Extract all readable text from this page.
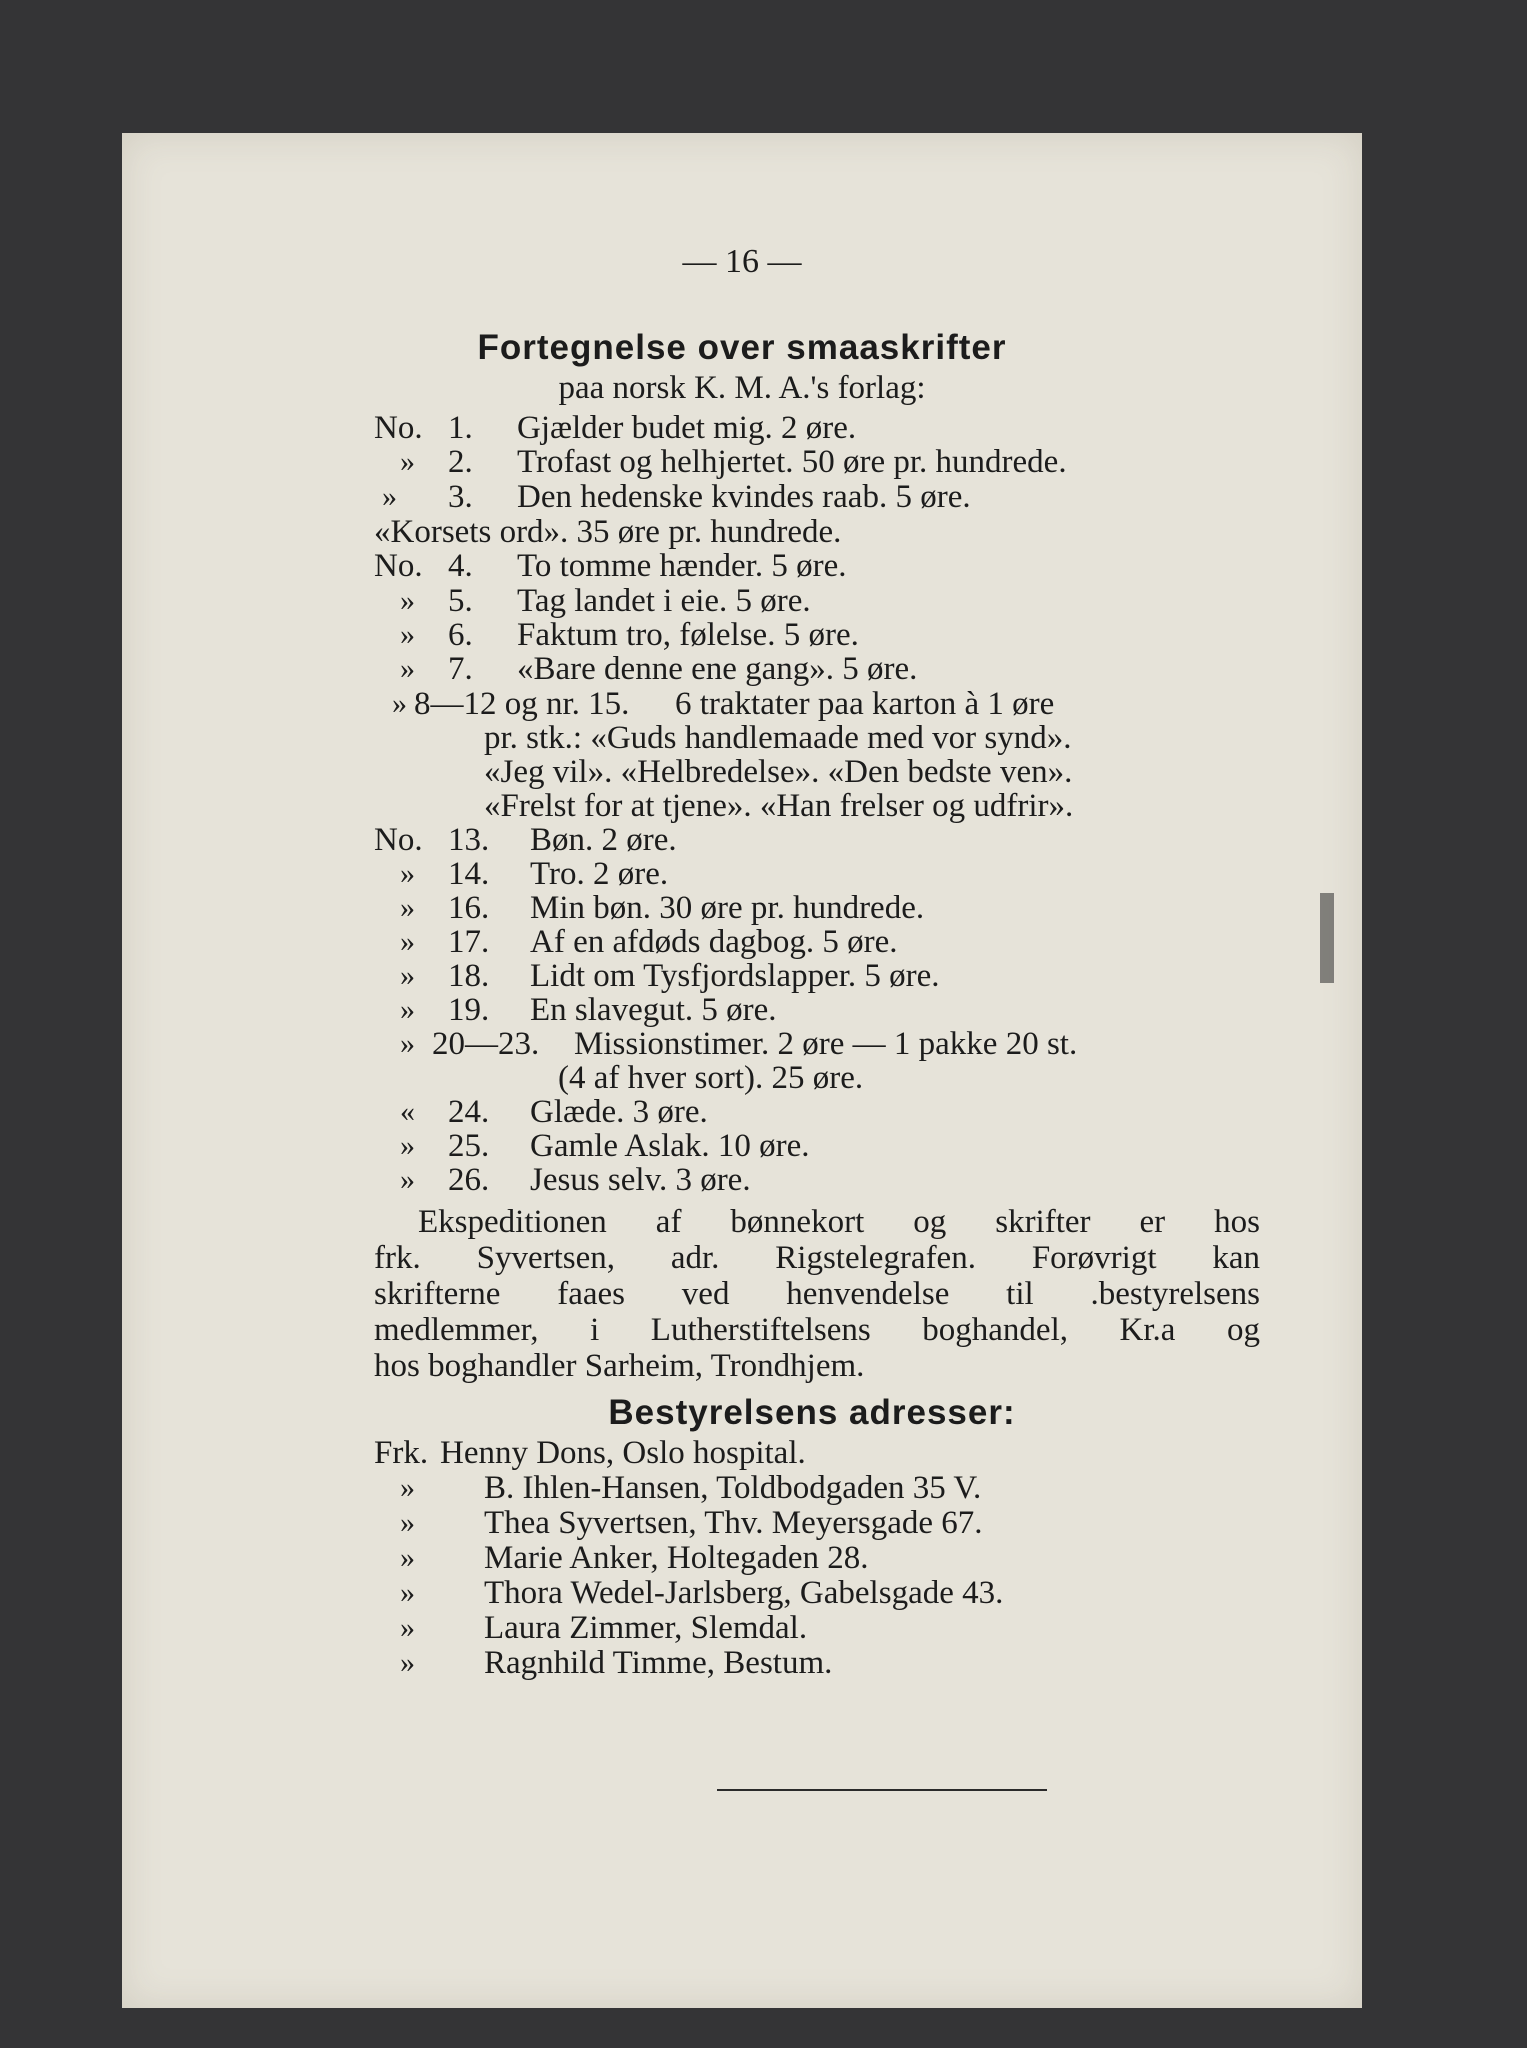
— 16 —
Fortegnelse over smaaskrifter
paa norsk K. M. A.'s forlag:
No. 1. Gjælder budet mig. 2 øre.
» 2. Trofast og helhjertet. 50 øre pr. hundrede.
» 3. Den hedenske kvindes raab. 5 øre.
«Korsets ord». 35 øre pr. hundrede.
No. 4. To tomme hænder. 5 øre.
» 5. Tag landet i eie. 5 øre.
» 6. Faktum tro, følelse. 5 øre.
» 7. «Bare denne ene gang». 5 øre.
» 8—12 og nr. 15. 6 traktater paa karton à 1 øre
pr. stk.: «Guds handlemaade med vor synd».
«Jeg vil». «Helbredelse». «Den bedste ven».
«Frelst for at tjene». «Han frelser og udfrir».
No. 13. Bøn. 2 øre.
» 14. Tro. 2 øre.
» 16. Min bøn. 30 øre pr. hundrede.
» 17. Af en afdøds dagbog. 5 øre.
» 18. Lidt om Tysfjordslapper. 5 øre.
» 19. En slavegut. 5 øre.
» 20—23. Missionstimer. 2 øre — 1 pakke 20 st.
(4 af hver sort). 25 øre.
« 24. Glæde. 3 øre.
» 25. Gamle Aslak. 10 øre.
» 26. Jesus selv. 3 øre.
Ekspeditionen af bønnekort og skrifter er hos
frk. Syvertsen, adr. Rigstelegrafen. Forøvrigt kan
skrifterne faaes ved henvendelse til .bestyrelsens
medlemmer, i Lutherstiftelsens boghandel, Kr.a og
hos boghandler Sarheim, Trondhjem.
Bestyrelsens adresser:
Frk. Henny Dons, Oslo hospital.
» B. Ihlen-Hansen, Toldbodgaden 35 V.
» Thea Syvertsen, Thv. Meyersgade 67.
» Marie Anker, Holtegaden 28.
» Thora Wedel-Jarlsberg, Gabelsgade 43.
» Laura Zimmer, Slemdal.
» Ragnhild Timme, Bestum.
